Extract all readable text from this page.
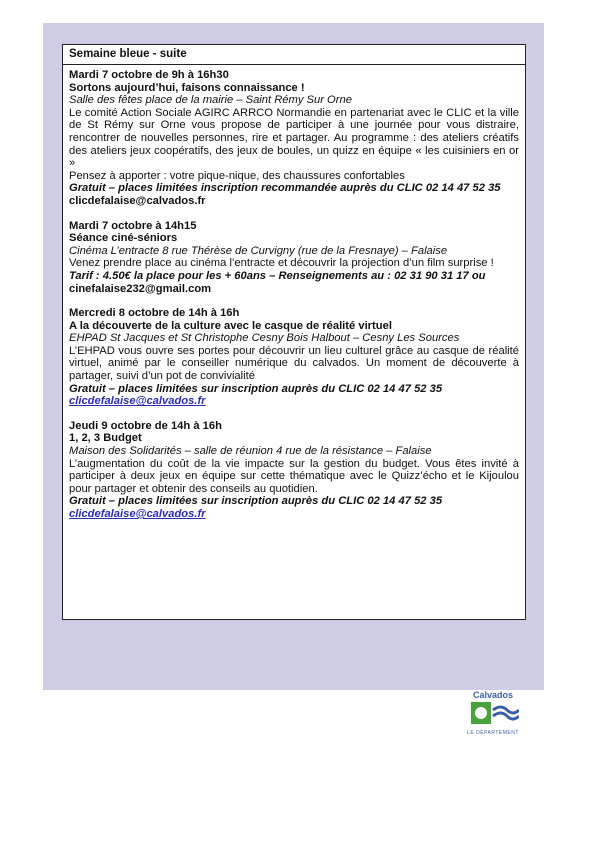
Semaine bleue - suite
Mardi 7 octobre de 9h à 16h30
Sortons aujourd’hui, faisons connaissance !
Salle des fêtes place de la mairie – Saint Rémy Sur Orne
Le comité Action Sociale AGIRC ARRCO Normandie en partenariat avec le CLIC et la ville de St Rémy sur Orne vous propose de participer à une journée pour vous distraire, rencontrer de nouvelles personnes, rire et partager. Au programme : des ateliers créatifs des ateliers jeux coopératifs, des jeux de boules, un quizz en équipe « les cuisiniers en or »
Pensez à apporter : votre pique-nique, des chaussures confortables
Gratuit – places limitées inscription recommandée auprès du CLIC 02 14 47 52 35 clicdefalaise@calvados.fr
Mardi 7 octobre à 14h15
Séance ciné-séniors
Cinéma L’entracte 8 rue Thérèse de Curvigny (rue de la Fresnaye) – Falaise
Venez prendre place au cinéma l’entracte et découvrir la projection d’un film surprise !
Tarif : 4.50€ la place pour les + 60ans – Renseignements au : 02 31 90 31 17 ou cinefalaise232@gmail.com
Mercredi 8 octobre de 14h à 16h
A la découverte de la culture avec le casque de réalité virtuel
EHPAD St Jacques et St Christophe Cesny Bois Halbout – Cesny Les Sources
L’EHPAD vous ouvre ses portes pour découvrir un lieu culturel grâce au casque de réalité virtuel, animé par le conseiller numérique du calvados. Un moment de découverte à partager, suivi d’un pot de convivialité
Gratuit – places limitées sur inscription auprès du CLIC 02 14 47 52 35
clicdefalaise@calvados.fr
Jeudi 9 octobre de 14h à 16h
1, 2, 3 Budget
Maison des Solidarités – salle de réunion 4 rue de la résistance – Falaise
L’augmentation du coût de la vie impacte sur la gestion du budget. Vous êtes invité à participer à deux jeux en équipe sur cette thématique avec le Quizz’écho et le Kijoulou pour partager et obtenir des conseils au quotidien.
Gratuit – places limitées sur inscription auprès du CLIC 02 14 47 52 35
clicdefalaise@calvados.fr
Calvados
LE DÉPARTEMENT
